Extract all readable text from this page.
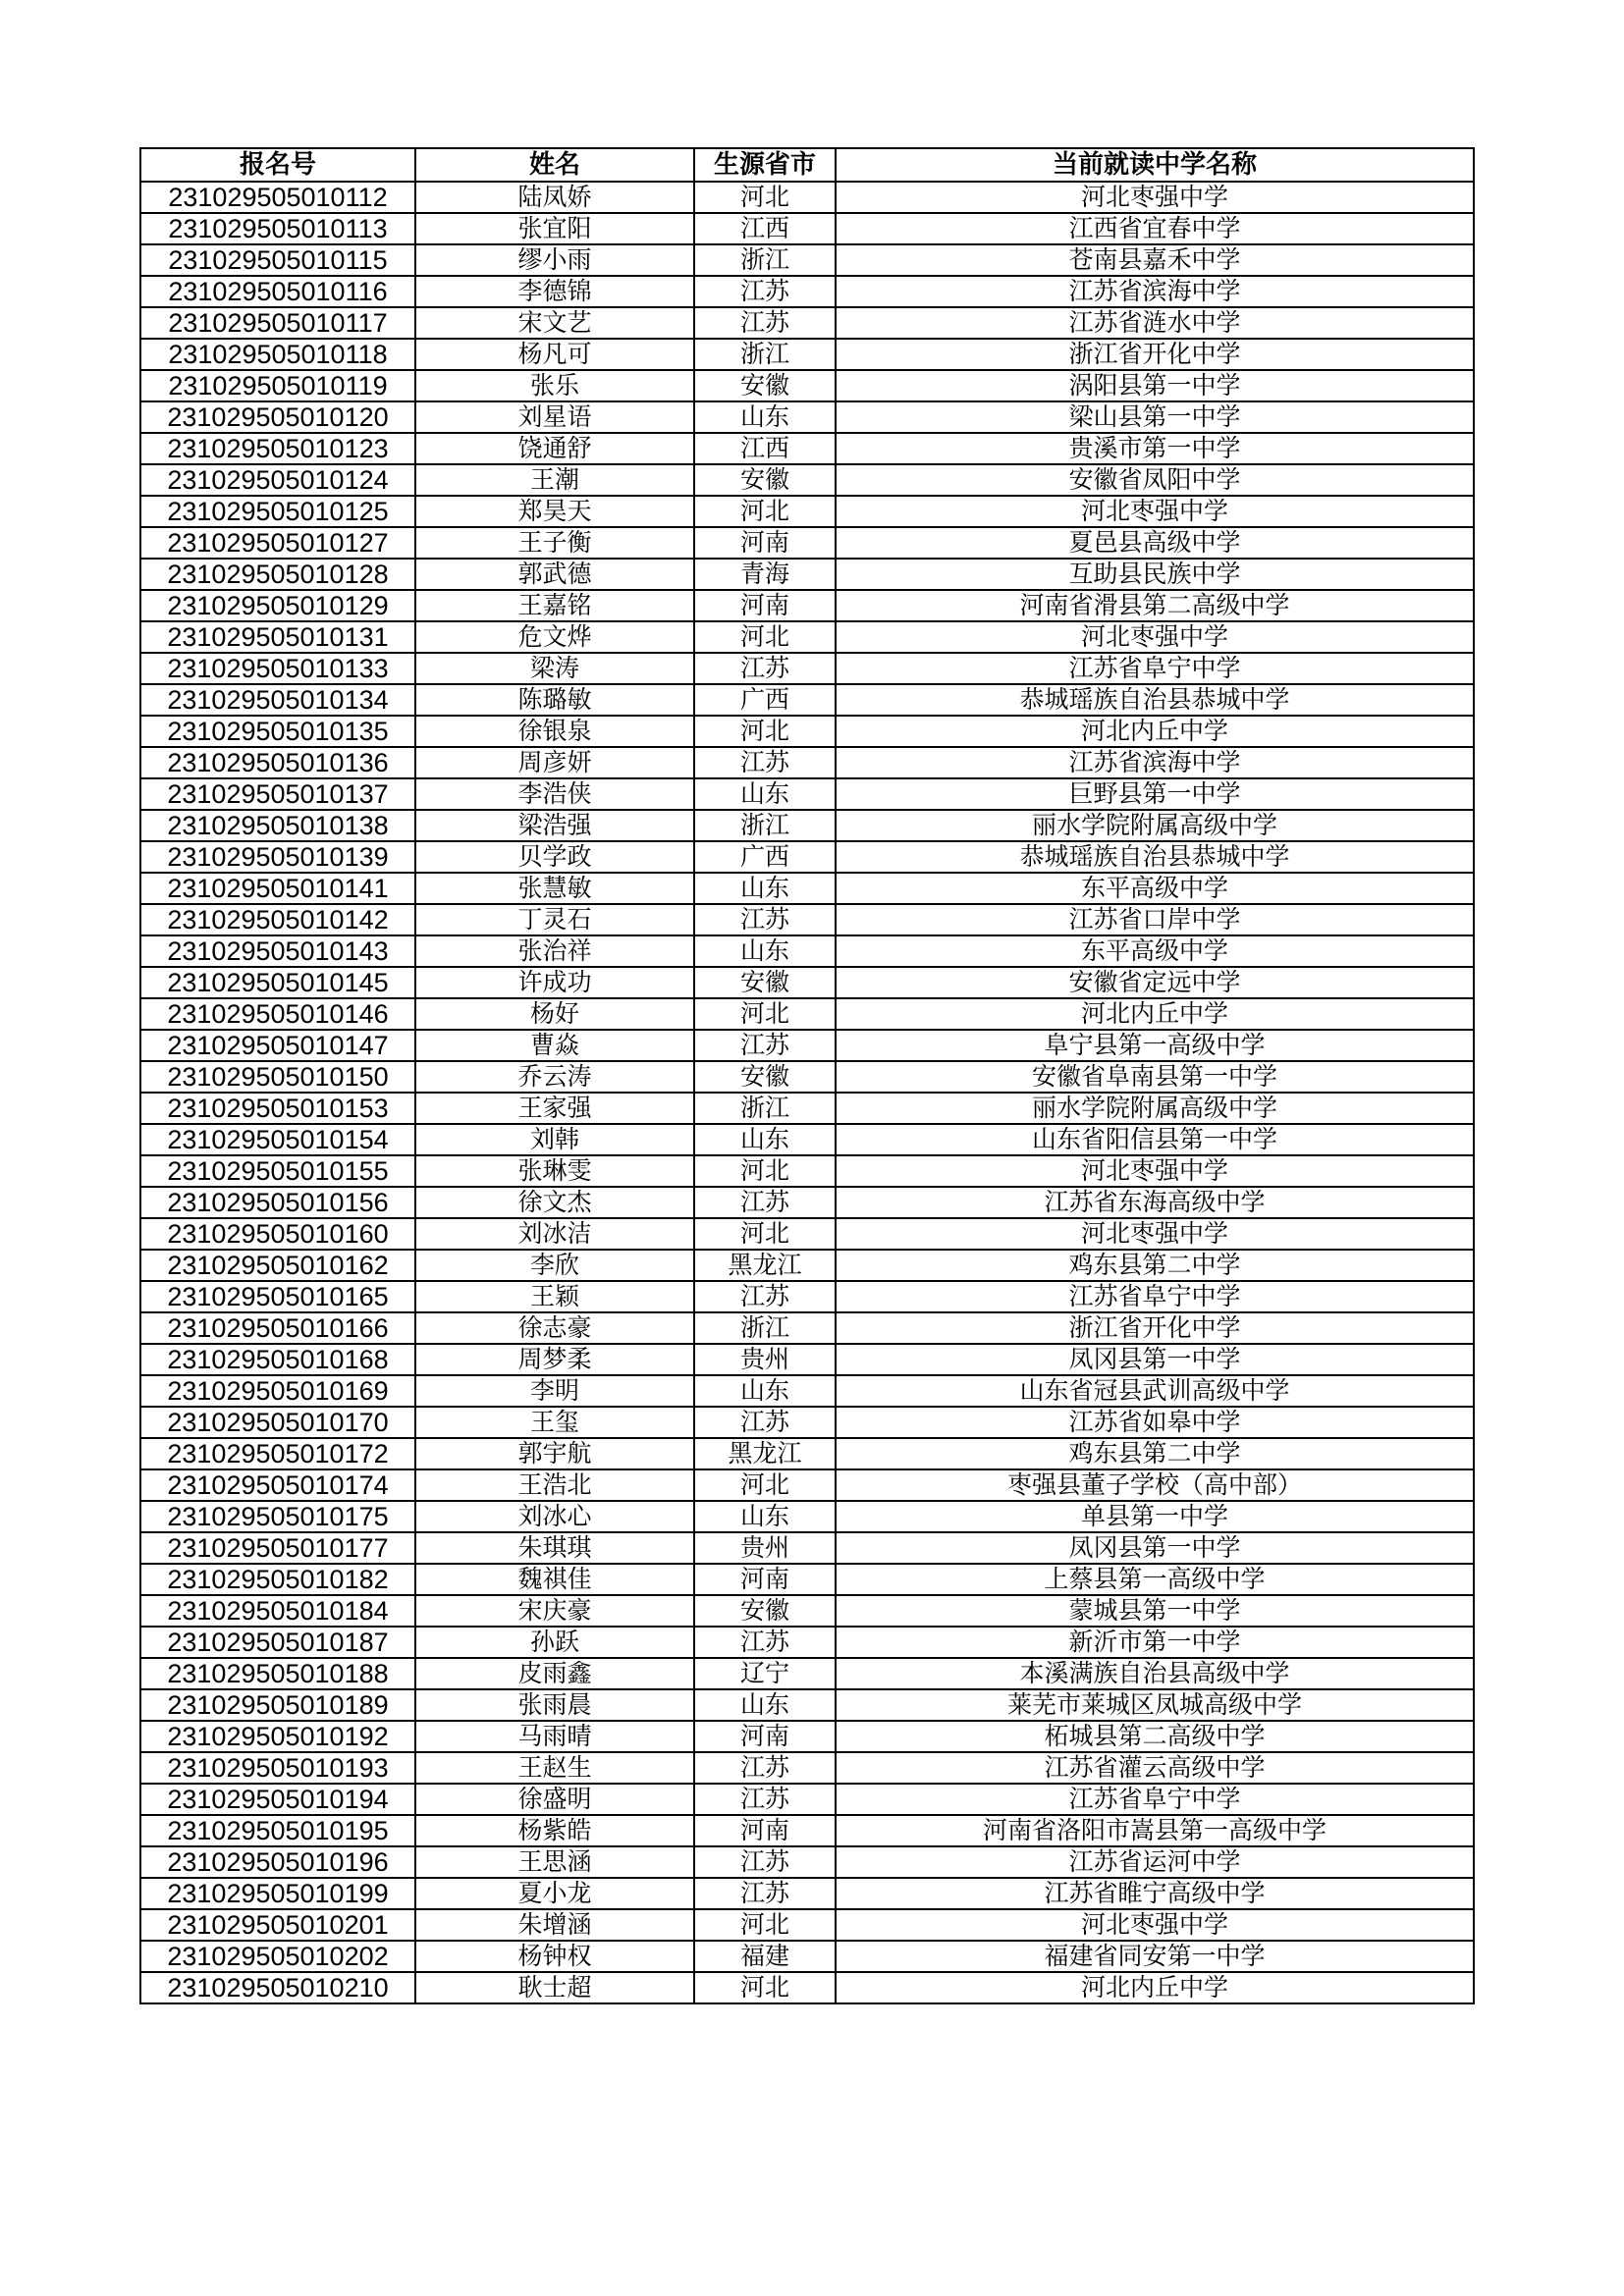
报名号	姓名	生源省市	当前就读中学名称
231029505010112	陆凤娇	河北	河北枣强中学
231029505010113	张宜阳	江西	江西省宜春中学
231029505010115	缪小雨	浙江	苍南县嘉禾中学
231029505010116	李德锦	江苏	江苏省滨海中学
231029505010117	宋文艺	江苏	江苏省涟水中学
231029505010118	杨凡可	浙江	浙江省开化中学
231029505010119	张乐	安徽	涡阳县第一中学
231029505010120	刘星语	山东	梁山县第一中学
231029505010123	饶通舒	江西	贵溪市第一中学
231029505010124	王潮	安徽	安徽省凤阳中学
231029505010125	郑昊天	河北	河北枣强中学
231029505010127	王子衡	河南	夏邑县高级中学
231029505010128	郭武德	青海	互助县民族中学
231029505010129	王嘉铭	河南	河南省滑县第二高级中学
231029505010131	危文烨	河北	河北枣强中学
231029505010133	梁涛	江苏	江苏省阜宁中学
231029505010134	陈璐敏	广西	恭城瑶族自治县恭城中学
231029505010135	徐银泉	河北	河北内丘中学
231029505010136	周彦妍	江苏	江苏省滨海中学
231029505010137	李浩侠	山东	巨野县第一中学
231029505010138	梁浩强	浙江	丽水学院附属高级中学
231029505010139	贝学政	广西	恭城瑶族自治县恭城中学
231029505010141	张慧敏	山东	东平高级中学
231029505010142	丁灵石	江苏	江苏省口岸中学
231029505010143	张治祥	山东	东平高级中学
231029505010145	许成功	安徽	安徽省定远中学
231029505010146	杨好	河北	河北内丘中学
231029505010147	曹焱	江苏	阜宁县第一高级中学
231029505010150	乔云涛	安徽	安徽省阜南县第一中学
231029505010153	王家强	浙江	丽水学院附属高级中学
231029505010154	刘韩	山东	山东省阳信县第一中学
231029505010155	张琳雯	河北	河北枣强中学
231029505010156	徐文杰	江苏	江苏省东海高级中学
231029505010160	刘冰洁	河北	河北枣强中学
231029505010162	李欣	黑龙江	鸡东县第二中学
231029505010165	王颖	江苏	江苏省阜宁中学
231029505010166	徐志豪	浙江	浙江省开化中学
231029505010168	周梦柔	贵州	凤冈县第一中学
231029505010169	李明	山东	山东省冠县武训高级中学
231029505010170	王玺	江苏	江苏省如皋中学
231029505010172	郭宇航	黑龙江	鸡东县第二中学
231029505010174	王浩北	河北	枣强县董子学校（高中部）
231029505010175	刘冰心	山东	单县第一中学
231029505010177	朱琪琪	贵州	凤冈县第一中学
231029505010182	魏祺佳	河南	上蔡县第一高级中学
231029505010184	宋庆豪	安徽	蒙城县第一中学
231029505010187	孙跃	江苏	新沂市第一中学
231029505010188	皮雨鑫	辽宁	本溪满族自治县高级中学
231029505010189	张雨晨	山东	莱芜市莱城区凤城高级中学
231029505010192	马雨晴	河南	柘城县第二高级中学
231029505010193	王赵生	江苏	江苏省灌云高级中学
231029505010194	徐盛明	江苏	江苏省阜宁中学
231029505010195	杨紫皓	河南	河南省洛阳市嵩县第一高级中学
231029505010196	王思涵	江苏	江苏省运河中学
231029505010199	夏小龙	江苏	江苏省睢宁高级中学
231029505010201	朱增涵	河北	河北枣强中学
231029505010202	杨钟权	福建	福建省同安第一中学
231029505010210	耿士超	河北	河北内丘中学
